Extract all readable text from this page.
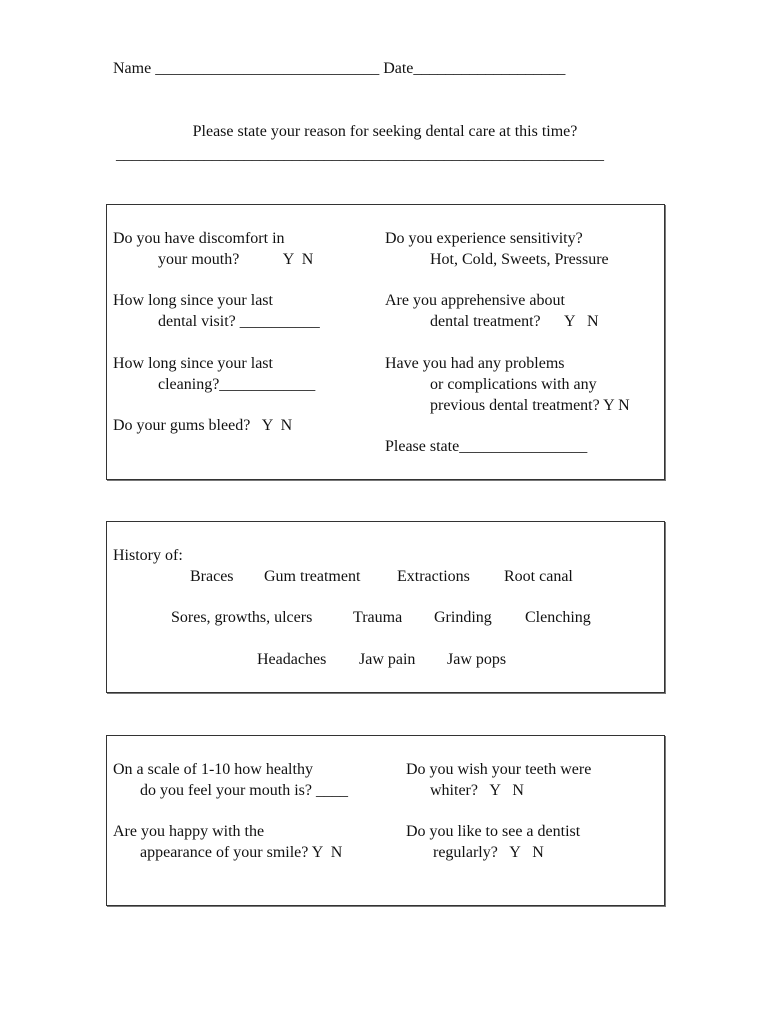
Name ____________________________ Date___________________
Please state your reason for seeking dental care at this time?
_____________________________________________________________
Do you have discomfort in
your mouth?           Y  N
How long since your last
dental visit? __________
How long since your last
cleaning?____________
Do your gums bleed?   Y  N
Do you experience sensitivity?
Hot, Cold, Sweets, Pressure
Are you apprehensive about
dental treatment?      Y   N
Have you had any problems
or complications with any
previous dental treatment? Y N
Please state________________
History of:
Braces Gum treatment Extractions Root canal
Sores, growths, ulcers	Trauma Grinding Clenching
Headaches Jaw pain Jaw pops
On a scale of 1-10 how healthy
do you feel your mouth is? ____
Are you happy with the
appearance of your smile? Y  N
Do you wish your teeth were
whiter?   Y   N
Do you like to see a dentist
regularly?   Y   N
